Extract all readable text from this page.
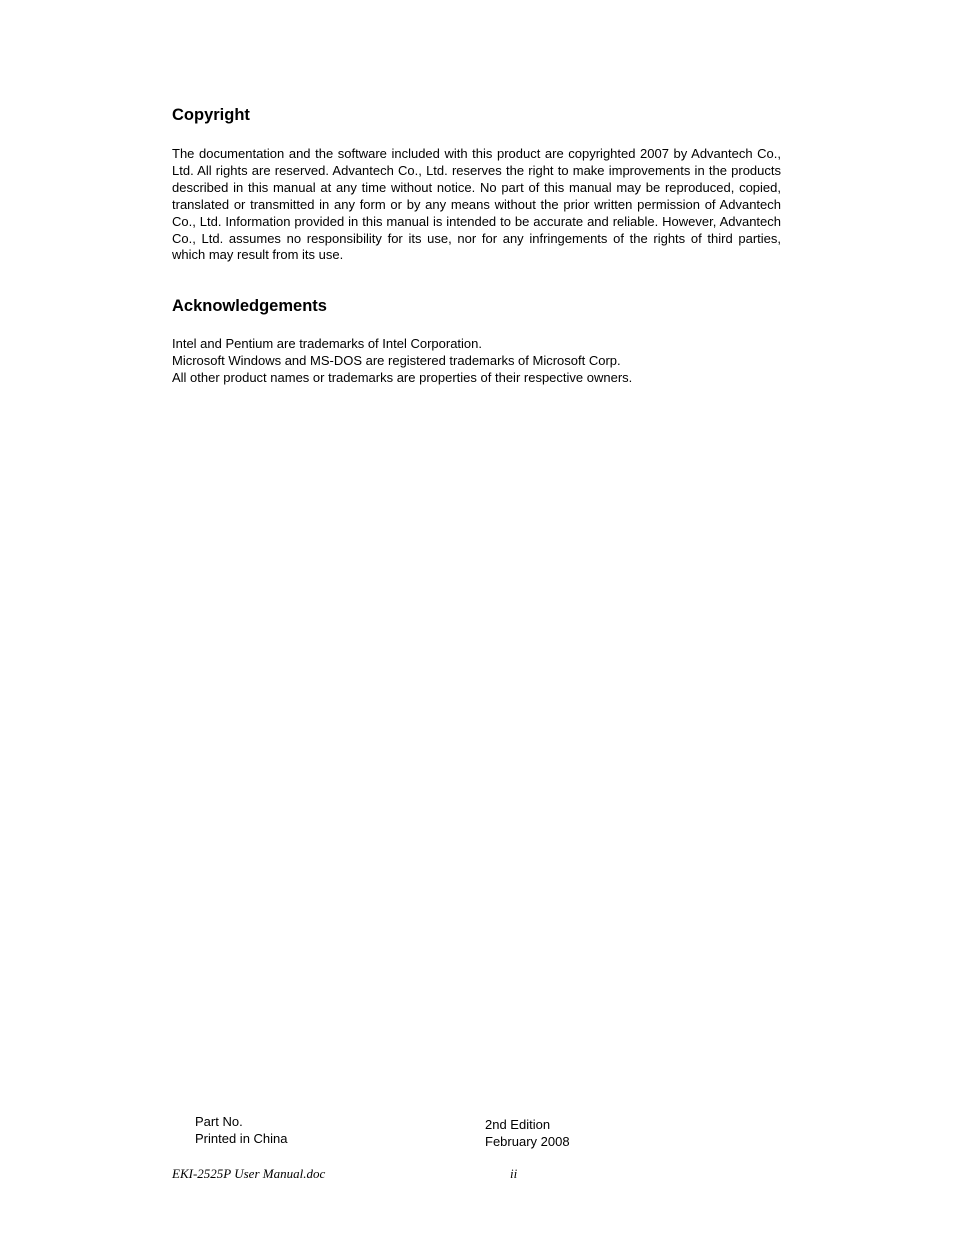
Copyright

The documentation and the software included with this product are copyrighted 2007 by Advantech Co., Ltd. All rights are reserved. Advantech Co., Ltd. reserves the right to make improvements in the products described in this manual at any time without notice. No part of this manual may be reproduced, copied, translated or transmitted in any form or by any means without the prior written permission of Advantech Co., Ltd. Information provided in this manual is intended to be accurate and reliable. However, Advantech Co., Ltd. assumes no responsibility for its use, nor for any infringements of the rights of third parties, which may result from its use.

Acknowledgements
Intel and Pentium are trademarks of Intel Corporation.
Microsoft Windows and MS-DOS are registered trademarks of Microsoft Corp.
All other product names or trademarks are properties of their respective owners.
Part No.
Printed in China
2nd Edition
February 2008
EKI-2525P User Manual.doc	ii
